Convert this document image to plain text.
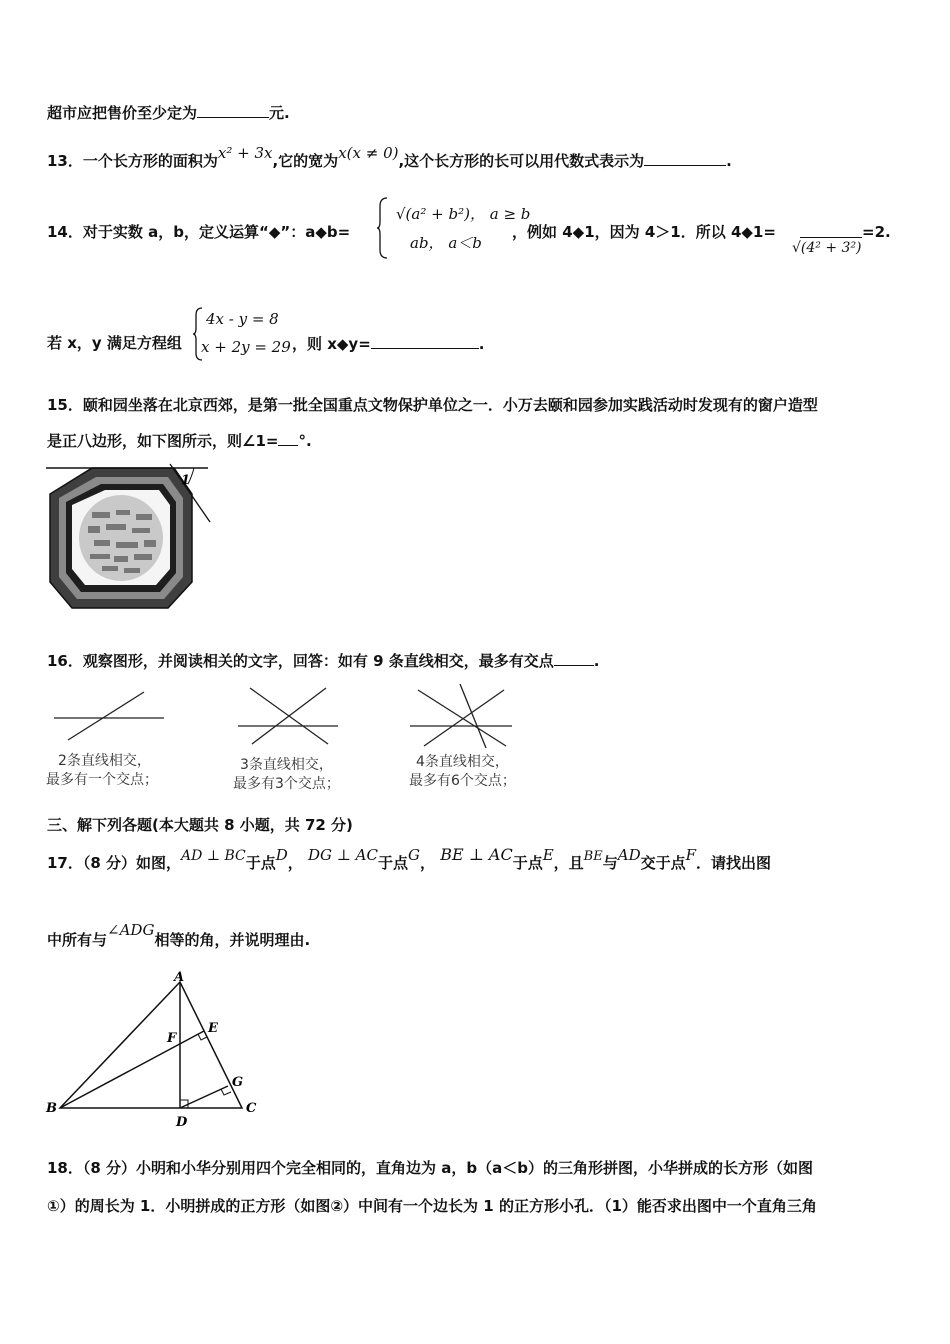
超市应把售价至少定为	元.
13．一个长方形的面积为x² + 3x,它的宽为x(x ≠ 0),这个长方形的长可以用代数式表示为	.
14．对于实数 a，b，定义运算“◆”：a◆b=
√(a² + b²)， a ≥ b
ab， a＜b
，例如 4◆1，因为 4＞1．所以 4◆1=
√(4² + 3²)
=2.
若 x，y 满足方程组
4x - y = 8
x + 2y = 29 ，则 x◆y=	.
15．颐和园坐落在北京西郊，是第一批全国重点文物保护单位之一．小万去颐和园参加实践活动时发现有的窗户造型
是正八边形，如下图所示，则∠1= °.
1
16．观察图形，并阅读相关的文字，回答：如有 9 条直线相交，最多有交点	.
2条直线相交，
最多有一个交点；
3条直线相交，
最多有3个交点；
4条直线相交，
最多有6个交点；
三、解下列各题(本大题共 8 小题，共 72 分)
17．（8 分）如图，AD ⊥ BC于点D， DG ⊥ AC于点G， BE ⊥ AC于点E，且BE与AD交于点F．请找出图
中所有与∠ADG相等的角，并说明理由.
A
B	C
D
E
F
G
18．（8 分）小明和小华分别用四个完全相同的，直角边为 a，b（a＜b）的三角形拼图，小华拼成的长方形（如图
①）的周长为 1．小明拼成的正方形（如图②）中间有一个边长为 1 的正方形小孔．（1）能否求出图中一个直角三角
